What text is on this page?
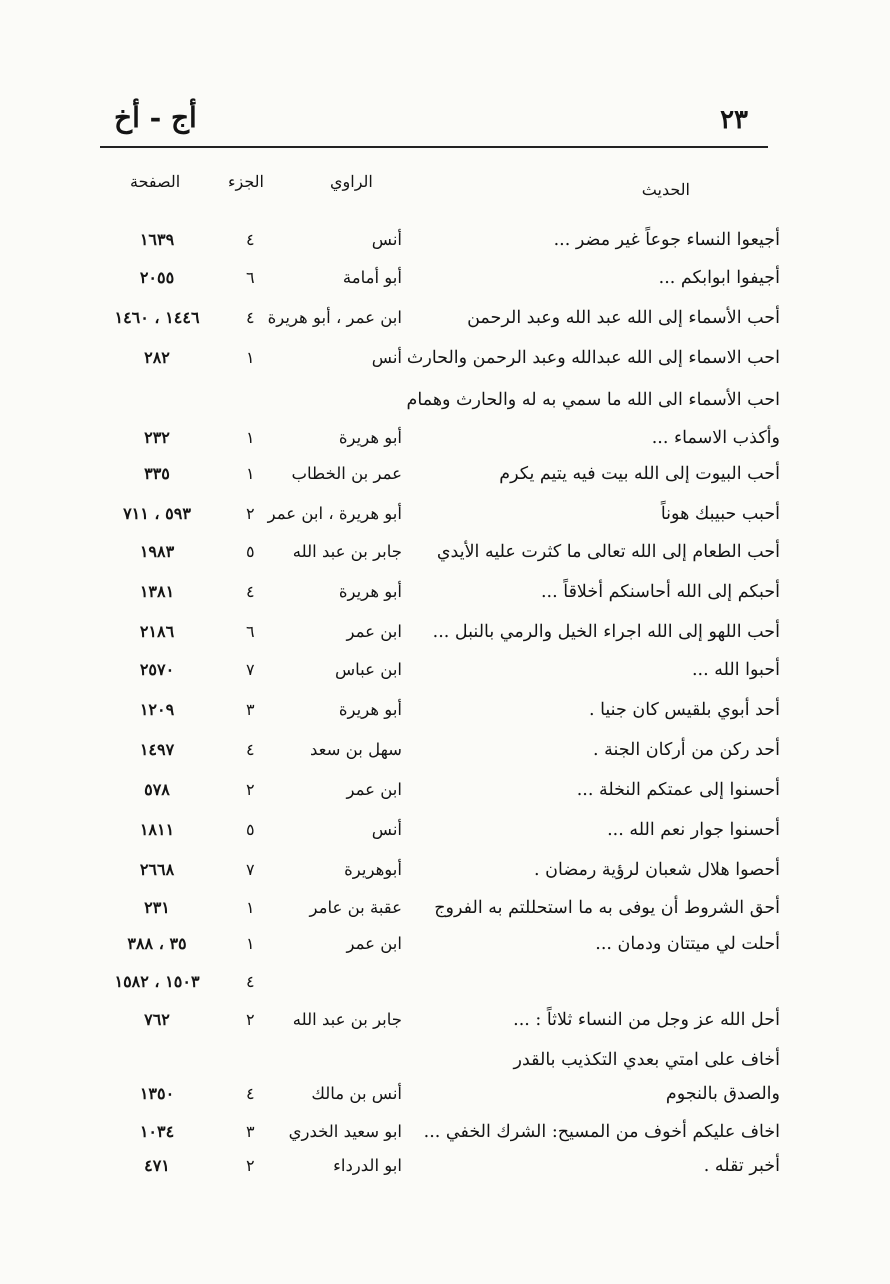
٢٣
أج - أخ
الحديث
الراوي
الجزء
الصفحة
أجيعوا النساء جوعاً غير مضر ...
أنس
٤
١٦٣٩
أجيفوا ابوابكم ...
أبو أمامة
٦
٢٠٥٥
أحب الأسماء إلى الله عبد الله وعبد الرحمن
ابن عمر ، أبو هريرة
٤
١٤٤٦ ، ١٤٦٠
احب الاسماء إلى الله عبدالله وعبد الرحمن والحارث
أنس
١
٢٨٢
احب الأسماء الى الله ما سمي به له والحارث وهمام
وأكذب الاسماء ...
أبو هريرة
١
٢٣٢
أحب البيوت إلى الله بيت فيه يتيم يكرم
عمر بن الخطاب
١
٣٣٥
أحبب حبيبك هوناً
أبو هريرة ، ابن عمر
٢
٥٩٣ ، ٧١١
أحب الطعام إلى الله تعالى ما كثرت عليه الأيدي
جابر بن عبد الله
٥
١٩٨٣
أحبكم إلى الله أحاسنكم أخلاقاً ...
أبو هريرة
٤
١٣٨١
أحب اللهو إلى الله اجراء الخيل والرمي بالنبل ...
ابن عمر
٦
٢١٨٦
أحبوا الله ...
ابن عباس
٧
٢٥٧٠
أحد أبوي بلقيس كان جنيا .
أبو هريرة
٣
١٢٠٩
أحد ركن من أركان الجنة .
سهل بن سعد
٤
١٤٩٧
أحسنوا إلى عمتكم النخلة ...
ابن عمر
٢
٥٧٨
أحسنوا جوار نعم الله ...
أنس
٥
١٨١١
أحصوا هلال شعبان لرؤية رمضان .
أبوهريرة
٧
٢٦٦٨
أحق الشروط أن يوفى به ما استحللتم به الفروج
عقبة بن عامر
١
٢٣١
أحلت لي ميتتان ودمان ...
ابن عمر
١
٣٥ ، ٣٨٨
٤
١٥٠٣ ، ١٥٨٢
أحل الله عز وجل من النساء ثلاثاً : ...
جابر بن عبد الله
٢
٧٦٢
أخاف على امتي بعدي التكذيب بالقدر
والصدق بالنجوم
أنس بن مالك
٤
١٣٥٠
اخاف عليكم أخوف من المسيح: الشرك الخفي ...
ابو سعيد الخدري
٣
١٠٣٤
أخبر تقله .
ابو الدرداء
٢
٤٧١
